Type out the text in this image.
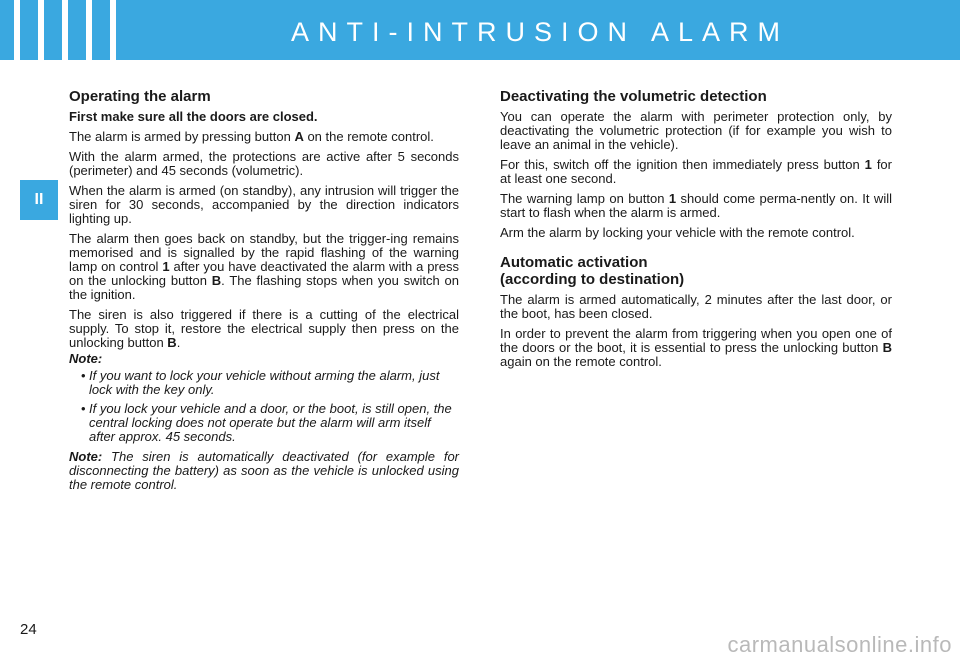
ANTI-INTRUSION ALARM
II
Operating the alarm

First make sure all the doors are closed.

The alarm is armed by pressing button A on the remote control.

With the alarm armed, the protections are active after 5 seconds (perimeter) and 45 seconds (volumetric).

When the alarm is armed (on standby), any intrusion will trigger the siren for 30 seconds, accompanied by the direction indicators lighting up.

The alarm then goes back on standby, but the trigger-ing remains memorised and is signalled by the rapid flashing of the warning lamp on control 1 after you have deactivated the alarm with a press on the unlocking button B. The flashing stops when you switch on the ignition.

The siren is also triggered if there is a cutting of the electrical supply. To stop it, restore the electrical supply then press on the unlocking button B.

Note:

• If you want to lock your vehicle without arming the alarm, just lock with the key only.
• If you lock your vehicle and a door, or the boot, is still open, the central locking does not operate but the alarm will arm itself after approx. 45 seconds.

Note: The siren is automatically deactivated (for example for disconnecting the battery) as soon as the vehicle is unlocked using the remote control.

Deactivating the volumetric detection

You can operate the alarm with perimeter protection only, by deactivating the volumetric protection (if for example you wish to leave an animal in the vehicle).

For this, switch off the ignition then immediately press button 1 for at least one second.

The warning lamp on button 1 should come perma-nently on. It will start to flash when the alarm is armed.

Arm the alarm by locking your vehicle with the remote control.

Automatic activation
(according to destination)

The alarm is armed automatically, 2 minutes after the last door, or the boot, has been closed.

In order to prevent the alarm from triggering when you open one of the doors or the boot, it is essential to press the unlocking button B again on the remote control.

24
carmanualsonline.info
